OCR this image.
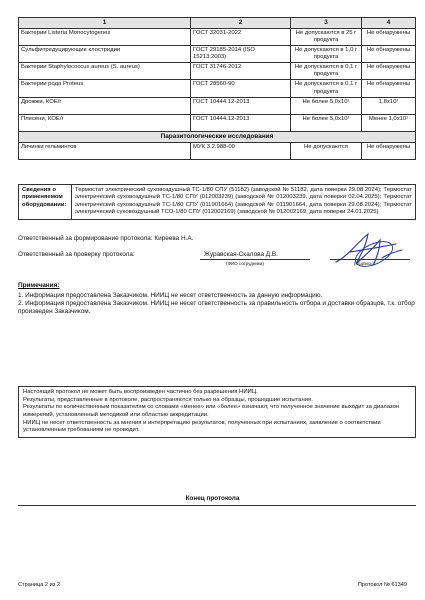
1	2	3	4
Бактерии Listeria Monocytogenes	ГОСТ 32031-2022	Не допускаются в 25 г продукта	Не обнаружены
Сульфитредуцирующие клостридии	ГОСТ 29185-2014 (ISO 15213:2003)	Не допускаются в 1,0 г продукта	Не обнаружены
Бактерии Staphylococcus aureus (S. aureus)	ГОСТ 31746-2012	Не допускаются в 0,1 г продукта	Не обнаружены
Бактерии рода Proteus	ГОСТ 28560-90	Не допускаются в 0,1 г продукта	Не обнаружены
Дрожжи, КОЕ/г	ГОСТ 10444.12-2013	Не более 5,0x10¹	1,8x10¹
Плесени, КОЕ/г	ГОСТ 10444.12-2013	Не более 5,0x10¹	Менее 1,0x10¹
Паразитологические исследования			
Личинки гельминтов	МУК 3.2.988-00	Не допускаются	Не обнаружены
Сведения о применяемом оборудовании:	Термостат электрический суховоздушный ТС-1/80 СПУ (51182) (заводской № 51182, дата поверки 29.08.2024); Термостат электрический суховоздушный ТС-1/80 СПУ (012003239) (заводской № 012003239, дата поверки 02.04.2025); Термостат электрический суховоздушный ТС-1/80 СПУ (011901664) (заводской № 011901664, дата поверки 29.08.2024); Термостат электрический суховоздушный ТСО-1/80 СПУ (012002169) (заводской № 012002169, дата поверки 24.01.2025)
Ответственный за формирование протокола: Киреева Н.А.
Ответственный за проверку протокола:	Журавская-Скалова Д.В.
(ФИО сотрудника)	(подпись)
Примечания:
1. Информация предоставлена Заказчиком. НИИЦ не несет ответственность за данную информацию.
2. Информация предоставлена Заказчиком. НИИЦ не несет ответственность за правильность отбора и доставки образцов, т.к. отбор произведен Заказчиком.
Настоящий протокол не может быть воспроизведен частично без разрешения НИИЦ.
Результаты, представленные в протоколе, распространяются только на образцы, прошедшие испытания.
Результаты по количественным показателям со словами «менее» или «более» означают, что полученное значение выходит за диапазон измерений, установленный методикой или областью аккредитации.
НИИЦ не несет ответственность за мнения и интерпретацию результатов, полученных при испытаниях, заявление о соответствии установленным требованиям не проводит.
Конец протокола
Страница 2 из 2	Протокол № 61349
